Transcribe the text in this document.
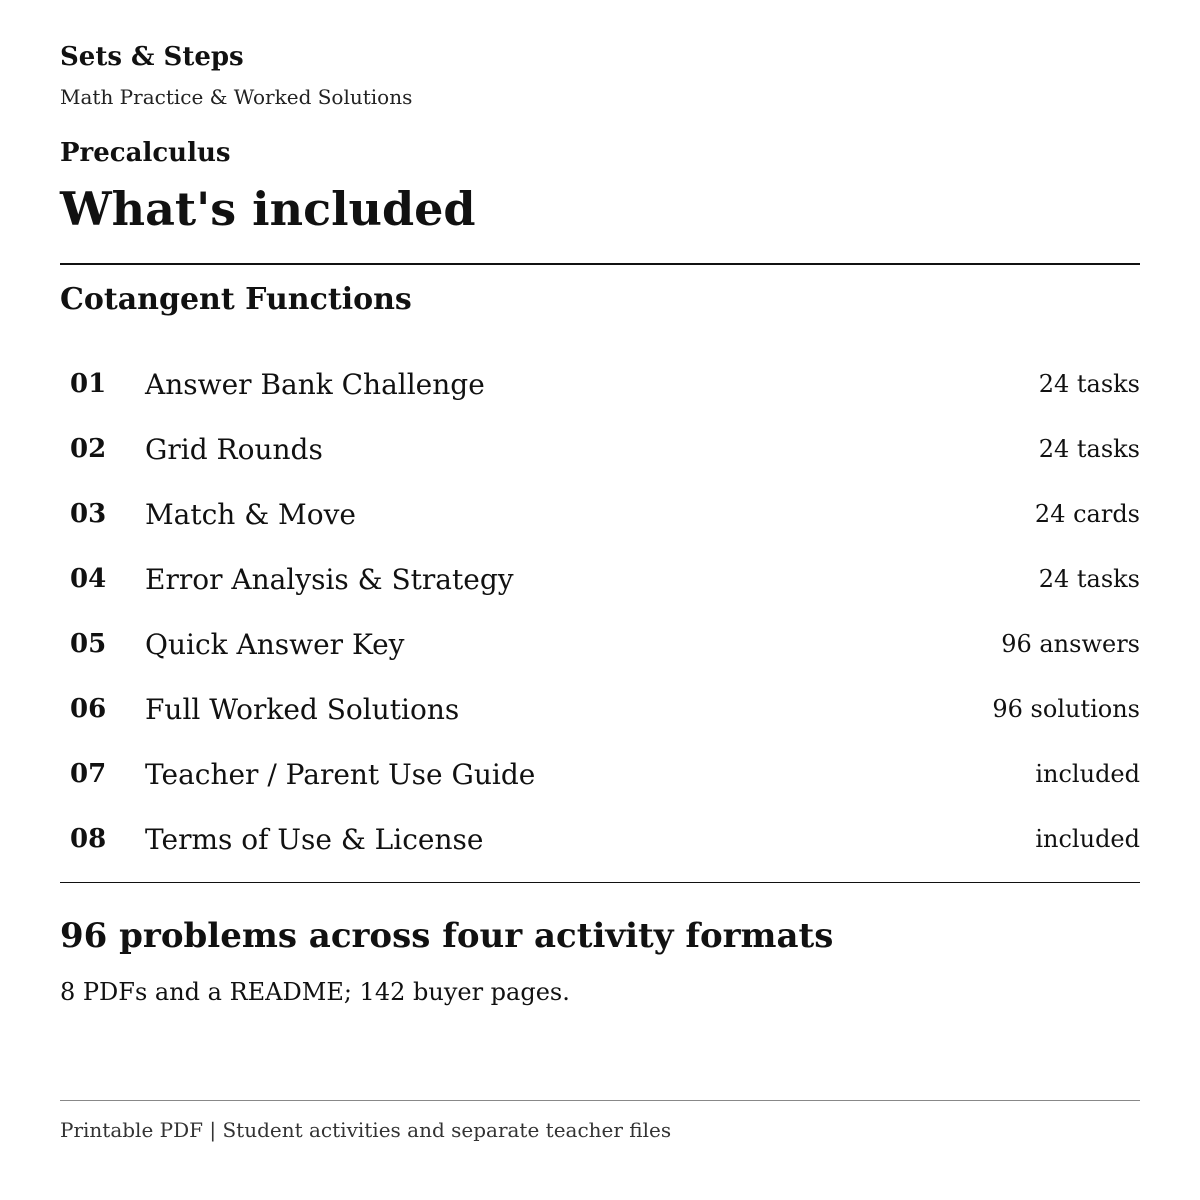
Sets & Steps

Math Practice & Worked Solutions

Precalculus
What's included
Cotangent Functions
01	Answer Bank Challenge	24 tasks
02	Grid Rounds	24 tasks
03	Match & Move	24 cards
04	Error Analysis & Strategy	24 tasks
05	Quick Answer Key	96 answers
06	Full Worked Solutions	96 solutions
07	Teacher / Parent Use Guide	included
08	Terms of Use & License	included
96 problems across four activity formats

8 PDFs and a README; 142 buyer pages.

Printable PDF | Student activities and separate teacher files
